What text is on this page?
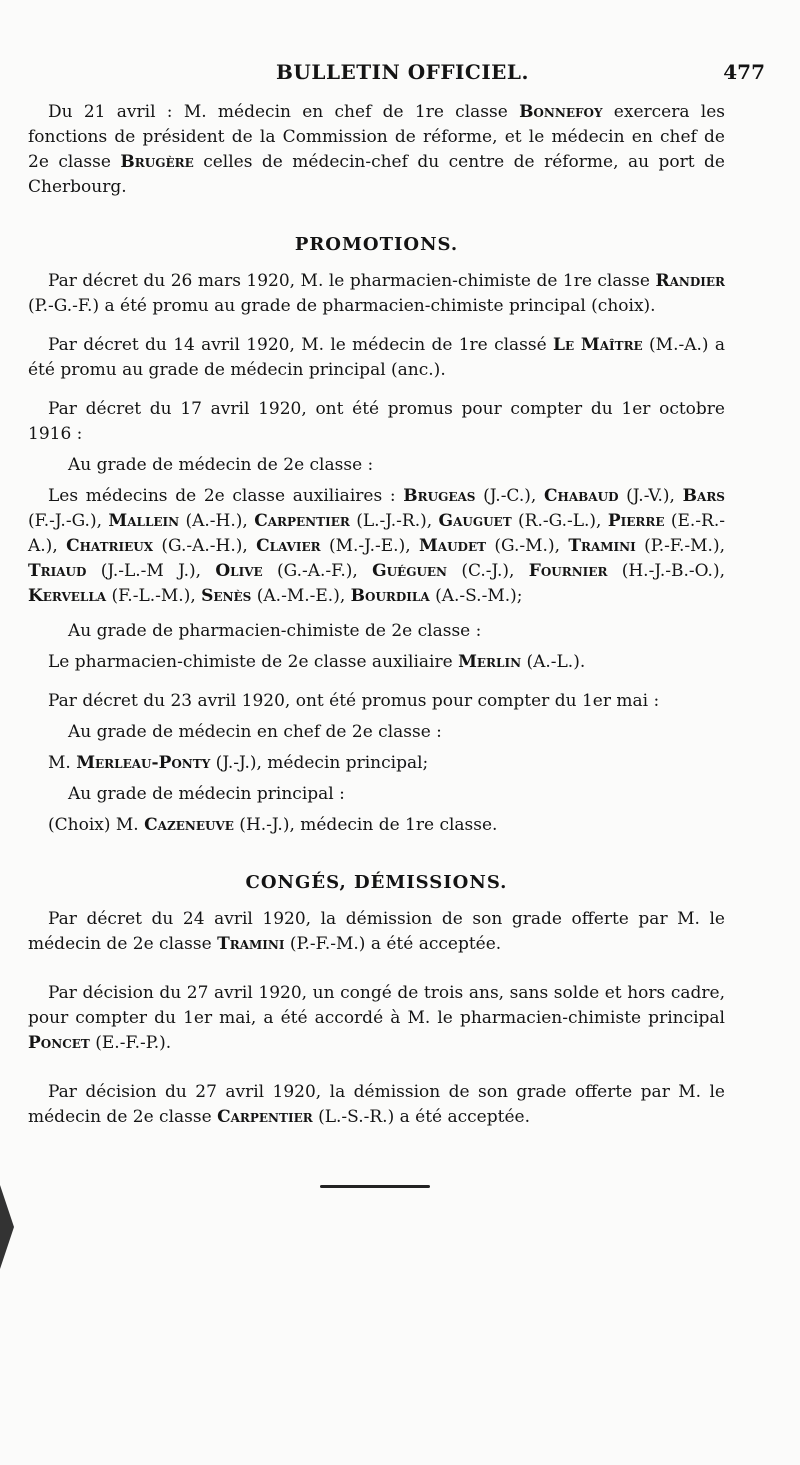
BULLETIN OFFICIEL.	477

Du 21 avril : M. médecin en chef de 1re classe Bonnefoy exercera les fonctions de président de la Commission de réforme, et le médecin en chef de 2e classe Brugère celles de médecin-chef du centre de réforme, au port de Cherbourg.

PROMOTIONS.

Par décret du 26 mars 1920, M. le pharmacien-chimiste de 1re classe Randier (P.-G.-F.) a été promu au grade de pharmacien-chimiste principal (choix).

Par décret du 14 avril 1920, M. le médecin de 1re classé Le Maître (M.-A.) a été promu au grade de médecin principal (anc.).

Par décret du 17 avril 1920, ont été promus pour compter du 1er octobre 1916 :

Au grade de médecin de 2e classe :

Les médecins de 2e classe auxiliaires : Brugeas (J.-C.), Chabaud (J.-V.), Bars (F.-J.-G.), Mallein (A.-H.), Carpentier (L.-J.-R.), Gauguet (R.-G.-L.), Pierre (E.-R.-A.), Chatrieux (G.-A.-H.), Clavier (M.-J.-E.), Maudet (G.-M.), Tramini (P.-F.-M.), Triaud (J.-L.-M J.), Olive (G.-A.-F.), Guéguen (C.-J.), Fournier (H.-J.-B.-O.), Kervella (F.-L.-M.), Senès (A.-M.-E.), Bourdila (A.-S.-M.);

Au grade de pharmacien-chimiste de 2e classe :

Le pharmacien-chimiste de 2e classe auxiliaire Merlin (A.-L.).

Par décret du 23 avril 1920, ont été promus pour compter du 1er mai :

Au grade de médecin en chef de 2e classe :

M. Merleau-Ponty (J.-J.), médecin principal;

Au grade de médecin principal :

(Choix) M. Cazeneuve (H.-J.), médecin de 1re classe.

CONGÉS, DÉMISSIONS.

Par décret du 24 avril 1920, la démission de son grade offerte par M. le médecin de 2e classe Tramini (P.-F.-M.) a été acceptée.

Par décision du 27 avril 1920, un congé de trois ans, sans solde et hors cadre, pour compter du 1er mai, a été accordé à M. le pharmacien-chimiste principal Poncet (E.-F.-P.).

Par décision du 27 avril 1920, la démission de son grade offerte par M. le médecin de 2e classe Carpentier (L.-S.-R.) a été acceptée.
